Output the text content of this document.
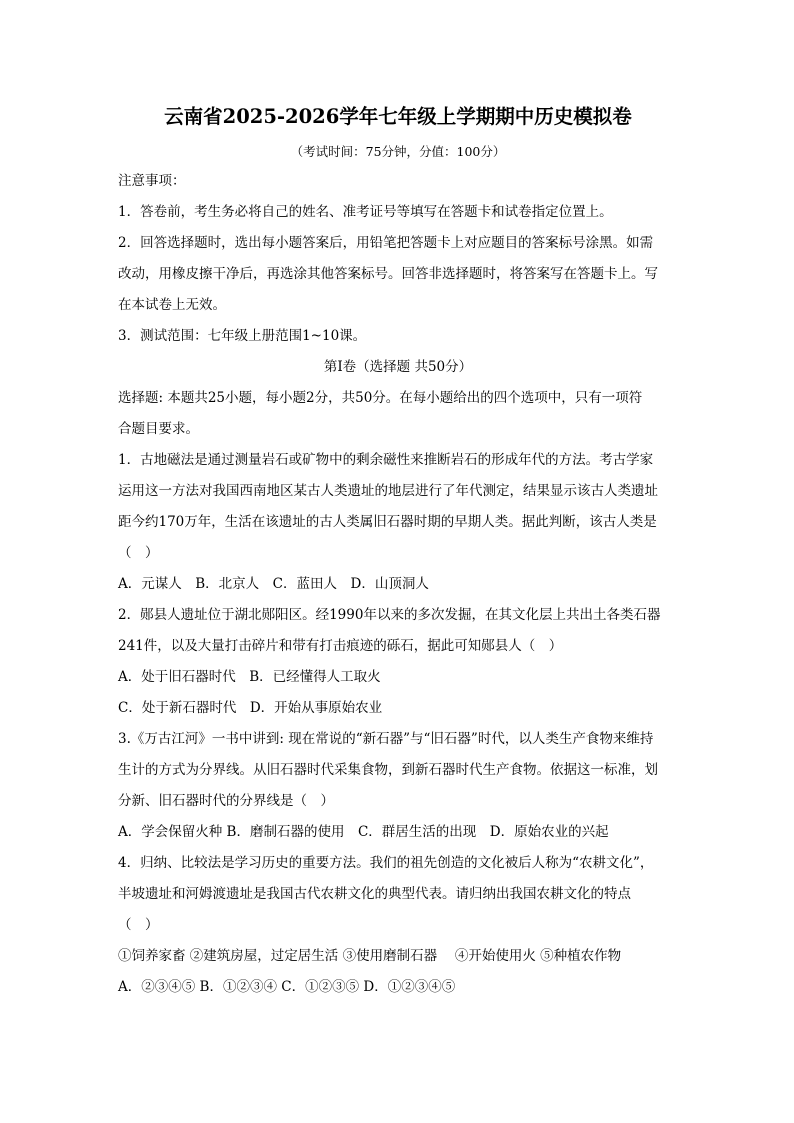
云南省2025-2026学年七年级上学期期中历史模拟卷
（考试时间：75分钟，分值：100分）
注意事项：
1．答卷前，考生务必将自己的姓名、准考证号等填写在答题卡和试卷指定位置上。
2．回答选择题时，选出每小题答案后，用铅笔把答题卡上对应题目的答案标号涂黑。如需
改动，用橡皮擦干净后，再选涂其他答案标号。回答非选择题时，将答案写在答题卡上。写
在本试卷上无效。
3．测试范围：七年级上册范围1~10课。
第I卷（选择题 共50分）
选择题: 本题共25小题，每小题2分，共50分。在每小题给出的四个选项中，只有一项符
合题目要求。
1．古地磁法是通过测量岩石或矿物中的剩余磁性来推断岩石的形成年代的方法。考古学家
运用这一方法对我国西南地区某古人类遗址的地层进行了年代测定，结果显示该古人类遗址
距今约170万年，生活在该遗址的古人类属旧石器时期的早期人类。据此判断，该古人类是
（　）
A．元谋人　B．北京人　C．蓝田人　D．山顶洞人
2．郧县人遗址位于湖北郧阳区。经1990年以来的多次发掘，在其文化层上共出土各类石器
241件，以及大量打击碎片和带有打击痕迹的砾石，据此可知郧县人（　）
A．处于旧石器时代　B．已经懂得人工取火
C．处于新石器时代　D．开始从事原始农业
3.《万古江河》一书中讲到: 现在常说的“新石器”与“旧石器”时代，以人类生产食物来维持
生计的方式为分界线。从旧石器时代采集食物，到新石器时代生产食物。依据这一标准，划
分新、旧石器时代的分界线是（　）
A．学会保留火种 B．磨制石器的使用　C．群居生活的出现　D．原始农业的兴起
4．归纳、比较法是学习历史的重要方法。我们的祖先创造的文化被后人称为“农耕文化”，
半坡遗址和河姆渡遗址是我国古代农耕文化的典型代表。请归纳出我国农耕文化的特点
（　）
①饲养家畜 ②建筑房屋，过定居生活 ③使用磨制石器　 ④开始使用火 ⑤种植农作物
A．②③④⑤ B．①②③④ C．①②③⑤ D．①②③④⑤
